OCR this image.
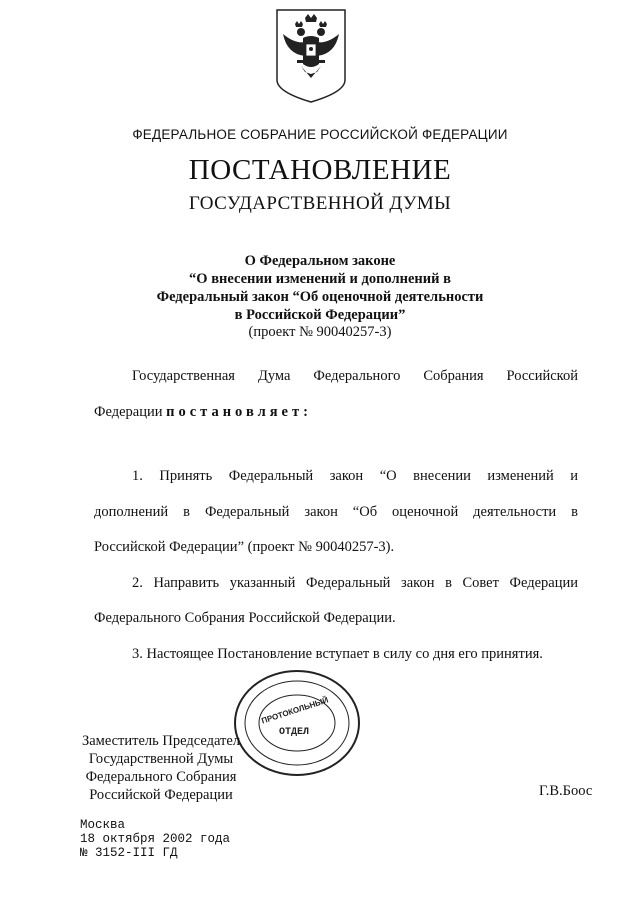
ФЕДЕРАЛЬНОЕ СОБРАНИЕ РОССИЙСКОЙ ФЕДЕРАЦИИ
ПОСТАНОВЛЕНИЕ
ГОСУДАРСТВЕННОЙ ДУМЫ
О Федеральном законе
“О внесении изменений и дополнений в
Федеральный закон “Об оценочной деятельности
в Российской Федерации”
(проект № 90040257-3)
Государственная Дума Федерального Собрания Российской
Федерации постановляет:
1. Принять Федеральный закон “О внесении изменений и
дополнений в Федеральный закон “Об оценочной деятельности в
Российской Федерации” (проект № 90040257-3).
2. Направить указанный Федеральный закон в Совет Федерации
Федерального Собрания Российской Федерации.
3. Настоящее Постановление вступает в силу со дня его принятия.
ПРОТОКОЛЬНЫЙ
ОТДЕЛ
Заместитель Председател
Государственной Думы
Федерального Собрания
Российской Федерации	Г.В.Боос
Москва
18 октября 2002 года
№ 3152-III ГД
